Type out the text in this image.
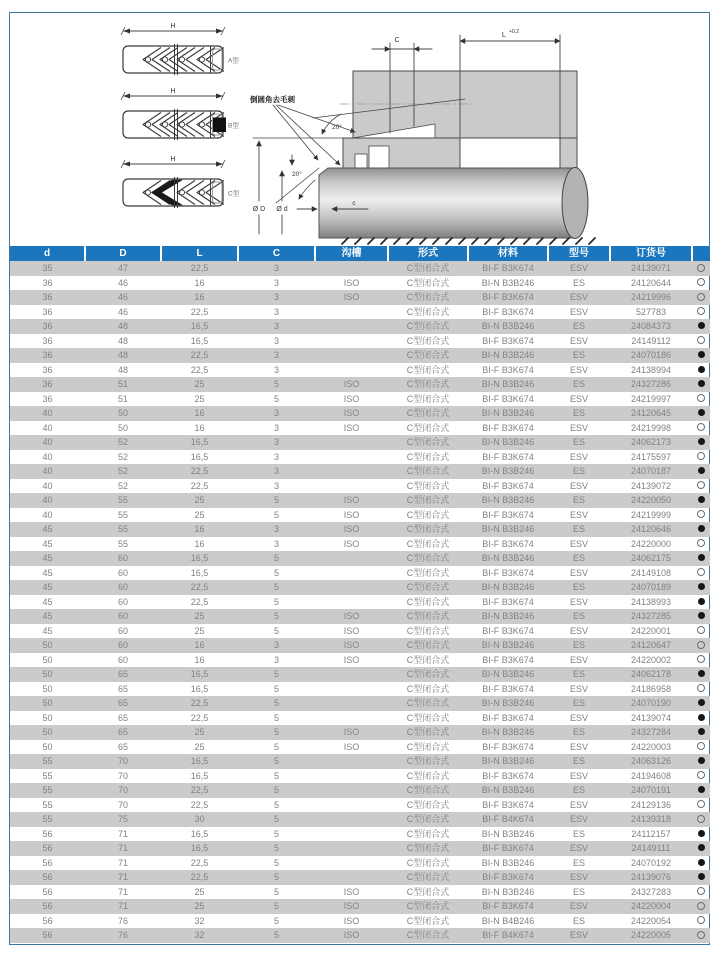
H
A型
H
B型
H
C型
C
L +0,2
倒圆角去毛刺
20°
20°
Ø D Ø d
c
d	D	L	C	沟槽	形式	材料	型号	订货号	
35	47	22,5	3		C型闭合式	BI-F B3K674	ESV	24139071	
36	46	16	3	ISO	C型闭合式	BI-N B3B246	ES	24120644	
36	46	16	3	ISO	C型闭合式	BI-F B3K674	ESV	24219996	
36	46	22,5	3		C型闭合式	BI-F B3K674	ESV	527783	
36	48	16,5	3		C型闭合式	BI-N B3B246	ES	24084373	
36	48	16,5	3		C型闭合式	BI-F B3K674	ESV	24149112	
36	48	22,5	3		C型闭合式	BI-N B3B246	ES	24070186	
36	48	22,5	3		C型闭合式	BI-F B3K674	ESV	24138994	
36	51	25	5	ISO	C型闭合式	BI-N B3B246	ES	24327286	
36	51	25	5	ISO	C型闭合式	BI-F B3K674	ESV	24219997	
40	50	16	3	ISO	C型闭合式	BI-N B3B246	ES	24120645	
40	50	16	3	ISO	C型闭合式	BI-F B3K674	ESV	24219998	
40	52	16,5	3		C型闭合式	BI-N B3B246	ES	24062173	
40	52	16,5	3		C型闭合式	BI-F B3K674	ESV	24175597	
40	52	22,5	3		C型闭合式	BI-N B3B246	ES	24070187	
40	52	22,5	3		C型闭合式	BI-F B3K674	ESV	24139072	
40	55	25	5	ISO	C型闭合式	BI-N B3B246	ES	24220050	
40	55	25	5	ISO	C型闭合式	BI-F B3K674	ESV	24219999	
45	55	16	3	ISO	C型闭合式	BI-N B3B246	ES	24120646	
45	55	16	3	ISO	C型闭合式	BI-F B3K674	ESV	24220000	
45	60	16,5	5		C型闭合式	BI-N B3B246	ES	24062175	
45	60	16,5	5		C型闭合式	BI-F B3K674	ESV	24149108	
45	60	22,5	5		C型闭合式	BI-N B3B246	ES	24070189	
45	60	22,5	5		C型闭合式	BI-F B3K674	ESV	24138993	
45	60	25	5	ISO	C型闭合式	BI-N B3B246	ES	24327285	
45	60	25	5	ISO	C型闭合式	BI-F B3K674	ESV	24220001	
50	60	16	3	ISO	C型闭合式	BI-N B3B246	ES	24120647	
50	60	16	3	ISO	C型闭合式	BI-F B3K674	ESV	24220002	
50	65	16,5	5		C型闭合式	BI-N B3B246	ES	24062178	
50	65	16,5	5		C型闭合式	BI-F B3K674	ESV	24186958	
50	65	22,5	5		C型闭合式	BI-N B3B246	ES	24070190	
50	65	22,5	5		C型闭合式	BI-F B3K674	ESV	24139074	
50	65	25	5	ISO	C型闭合式	BI-N B3B246	ES	24327284	
50	65	25	5	ISO	C型闭合式	BI-F B3K674	ESV	24220003	
55	70	16,5	5		C型闭合式	BI-N B3B246	ES	24063126	
55	70	16,5	5		C型闭合式	BI-F B3K674	ESV	24194608	
55	70	22,5	5		C型闭合式	BI-N B3B246	ES	24070191	
55	70	22,5	5		C型闭合式	BI-F B3K674	ESV	24129136	
55	75	30	5		C型闭合式	BI-F B4K674	ESV	24139318	
56	71	16,5	5		C型闭合式	BI-N B3B246	ES	24112157	
56	71	16,5	5		C型闭合式	BI-F B3K674	ESV	24149111	
56	71	22,5	5		C型闭合式	BI-N B3B246	ES	24070192	
56	71	22,5	5		C型闭合式	BI-F B3K674	ESV	24139076	
56	71	25	5	ISO	C型闭合式	BI-N B3B246	ES	24327283	
56	71	25	5	ISO	C型闭合式	BI-F B3K674	ESV	24220004	
56	76	32	5	ISO	C型闭合式	BI-N B4B246	ES	24220054	
56	76	32	5	ISO	C型闭合式	BI-F B4K674	ESV	24220005	
